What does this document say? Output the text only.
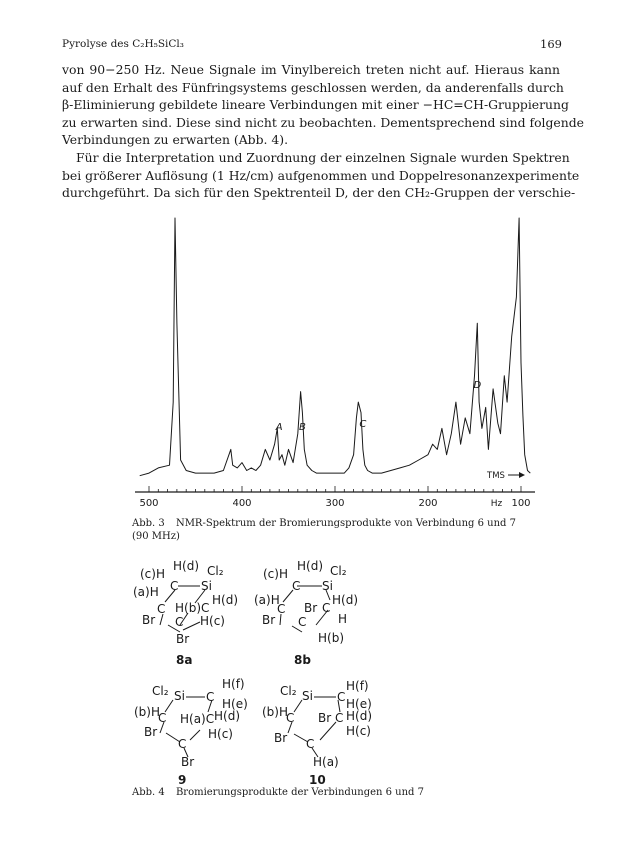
Pyrolyse des C₂H₅SiCl₃	169
von 90−250 Hz. Neue Signale im Vinylbereich treten nicht auf. Hieraus kann
auf den Erhalt des Fünfringsystems geschlossen werden, da anderenfalls durch
β-Eliminierung gebildete lineare Verbindungen mit einer −HC=CH-Gruppierung
zu erwarten sind. Diese sind nicht zu beobachten. Dementsprechend sind folgende
Verbindungen zu erwarten (Abb. 4).
Für die Interpretation und Zuordnung der einzelnen Signale wurden Spektren
bei größerer Auflösung (1 Hz/cm) aufgenommen und Doppelresonanzexperimente
durchgeführt. Da sich für den Spektrenteil D, der den CH₂-Gruppen der verschie-
500	400	300	200	100
Hz
A B	C
D
TMS
Abb. 3 NMR-Spektrum der Bromierungsprodukte von Verbindung 6 und 7
(90 MHz)
(c)H
H(d) Cl₂
C Si
(a)H
C H(b)C
H(d)
Br C H(c)
Br
8a
(c)H
H(d) Cl₂
C Si
(a)H
C Br C
H(d)
Br C	H
H(b)
8b
Cl₂ Si C
H(f)
H(e)
(b)H
C H(a)C H(d)
Br
C
H(c)
Br
9
Cl₂ Si C
H(f)
H(e)
(b)H
C Br C H(d)
H(c)
Br C
H(a)
10
Abb. 4 Bromierungsprodukte der Verbindungen 6 und 7
